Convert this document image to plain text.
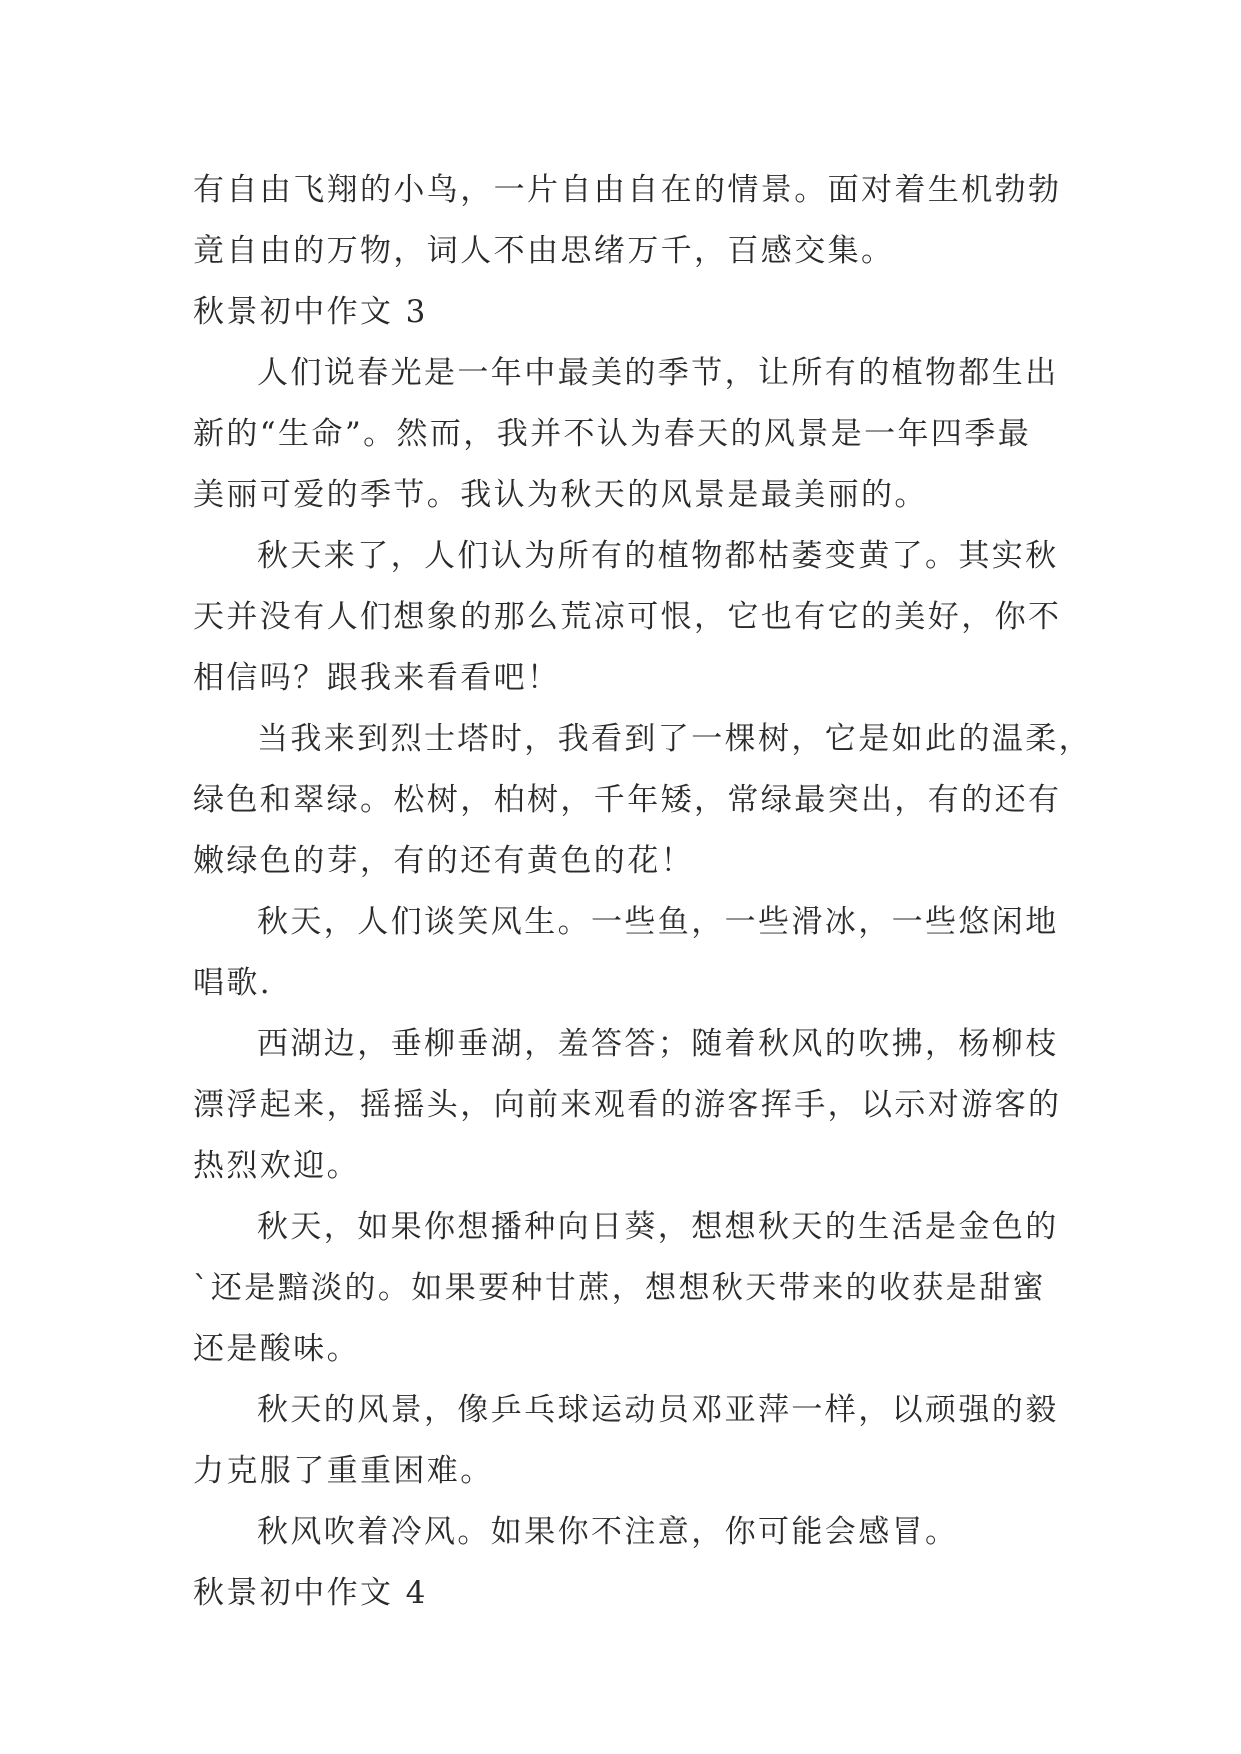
有自由飞翔的小鸟，一片自由自在的情景。面对着生机勃勃
竟自由的万物，词人不由思绪万千，百感交集。
秋景初中作文 3
人们说春光是一年中最美的季节，让所有的植物都生出
新的“生命”。然而，我并不认为春天的风景是一年四季最
美丽可爱的季节。我认为秋天的风景是最美丽的。
秋天来了，人们认为所有的植物都枯萎变黄了。其实秋
天并没有人们想象的那么荒凉可恨，它也有它的美好，你不
相信吗？跟我来看看吧！
当我来到烈士塔时，我看到了一棵树，它是如此的温柔，
绿色和翠绿。松树，柏树，千年矮，常绿最突出，有的还有
嫩绿色的芽，有的还有黄色的花！
秋天，人们谈笑风生。一些鱼，一些滑冰，一些悠闲地
唱歌.
西湖边，垂柳垂湖，羞答答；随着秋风的吹拂，杨柳枝
漂浮起来，摇摇头，向前来观看的游客挥手，以示对游客的
热烈欢迎。
秋天，如果你想播种向日葵，想想秋天的生活是金色的
`还是黯淡的。如果要种甘蔗，想想秋天带来的收获是甜蜜
还是酸味。
秋天的风景，像乒乓球运动员邓亚萍一样，以顽强的毅
力克服了重重困难。
秋风吹着冷风。如果你不注意，你可能会感冒。
秋景初中作文 4
